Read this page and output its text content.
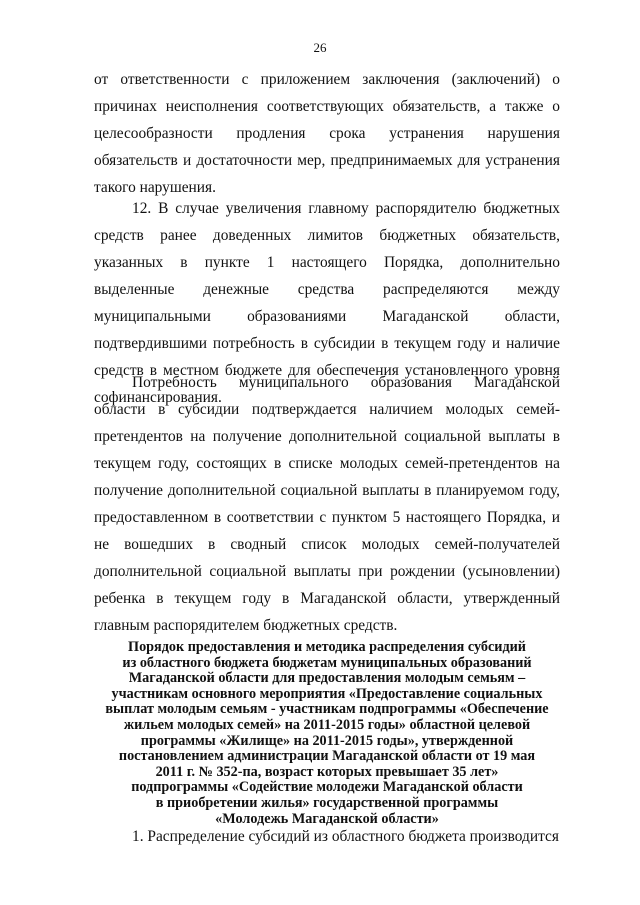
26

от ответственности с приложением заключения (заключений) о причинах неисполнения соответствующих обязательств, а также о целесообразности продления срока устранения нарушения обязательств и достаточности мер, предпринимаемых для устранения такого нарушения.

12. В случае увеличения главному распорядителю бюджетных средств ранее доведенных лимитов бюджетных обязательств, указанных в пункте 1 настоящего Порядка, дополнительно выделенные денежные средства распределяются между муниципальными образованиями Магаданской области, подтвердившими потребность в субсидии в текущем году и наличие средств в местном бюджете для обеспечения установленного уровня софинансирования.

Потребность муниципального образования Магаданской области в субсидии подтверждается наличием молодых семей-претендентов на получение дополнительной социальной выплаты в текущем году, состоящих в списке молодых семей-претендентов на получение дополнительной социальной выплаты в планируемом году, предоставленном в соответствии с пунктом 5 настоящего Порядка, и не вошедших в сводный список молодых семей-получателей дополнительной социальной выплаты при рождении (усыновлении) ребенка в текущем году в Магаданской области, утвержденный главным распорядителем бюджетных средств.

Порядок предоставления и методика распределения субсидий
из областного бюджета бюджетам муниципальных образований
Магаданской области для предоставления молодым семьям –
участникам основного мероприятия «Предоставление социальных
выплат молодым семьям - участникам подпрограммы «Обеспечение
жильем молодых семей» на 2011-2015 годы» областной целевой
программы «Жилище» на 2011-2015 годы», утвержденной
постановлением администрации Магаданской области от 19 мая
2011 г. № 352-па, возраст которых превышает 35 лет»
подпрограммы «Содействие молодежи Магаданской области
в приобретении жилья» государственной программы
«Молодежь Магаданской области»

1. Распределение субсидий из областного бюджета производится
